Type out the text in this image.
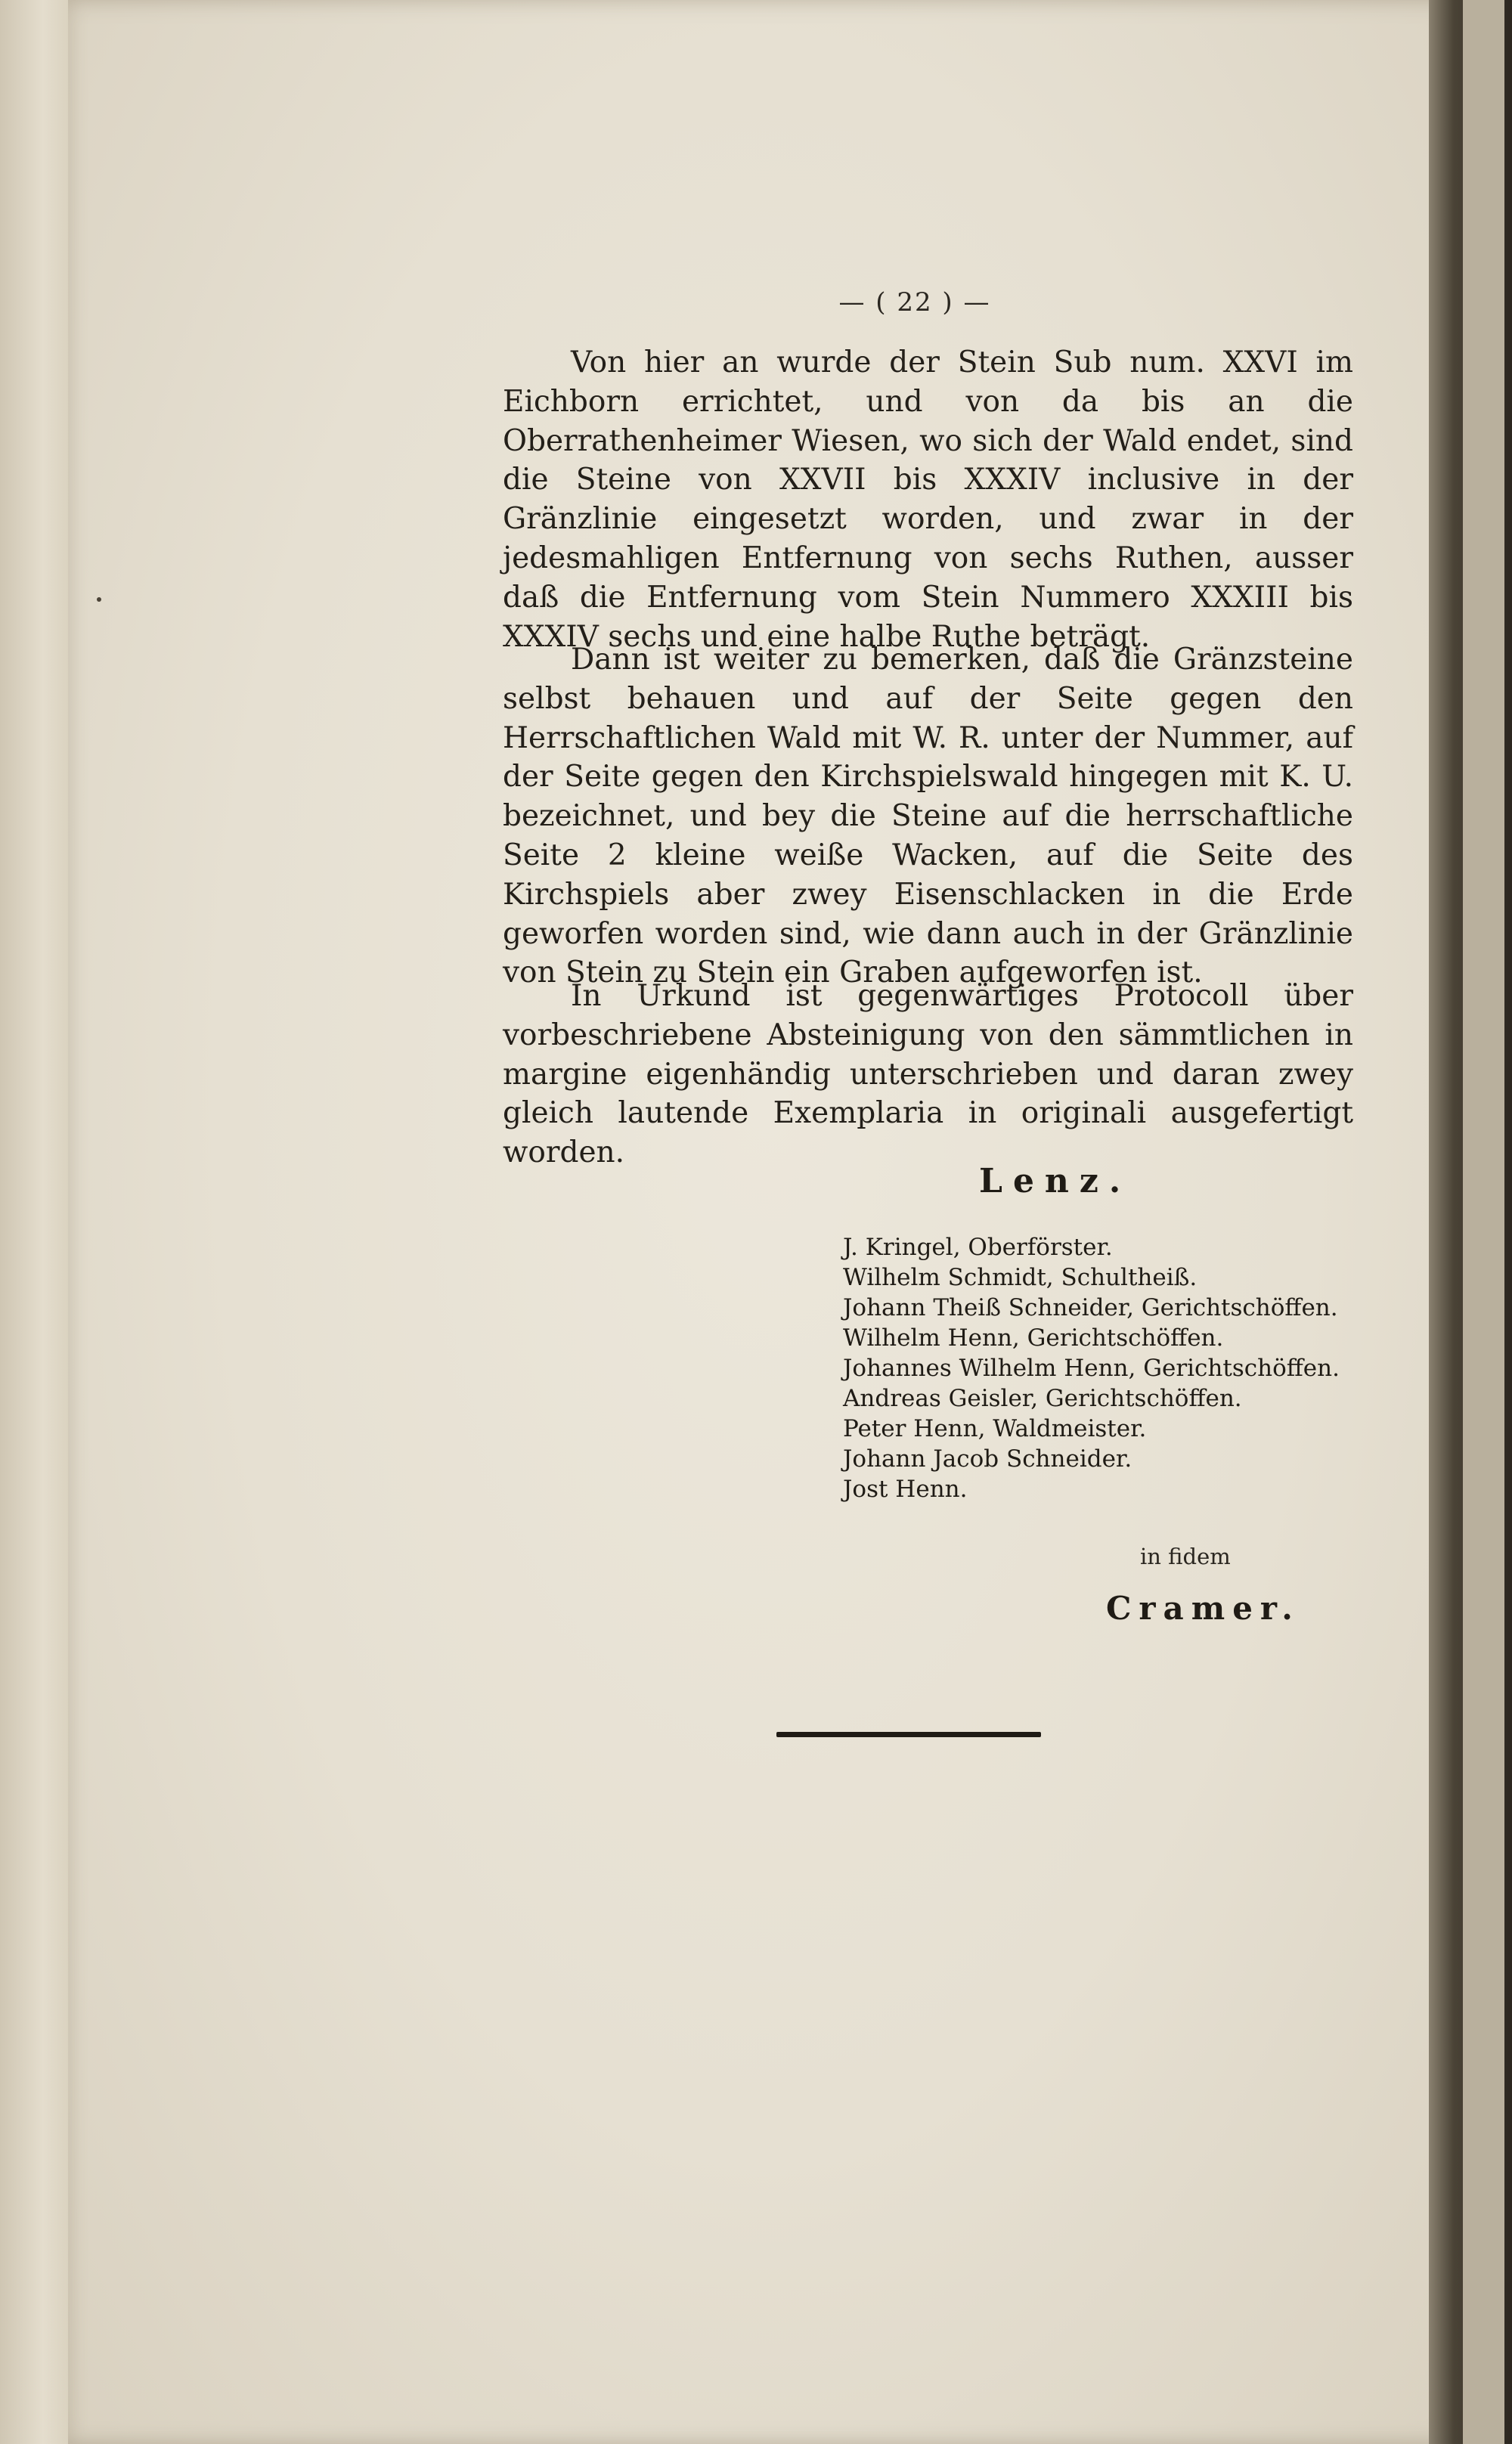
— ( 22 ) —

Von hier an wurde der Stein Sub num. XXVI im Eichborn errichtet, und von da bis an die Oberrathenheimer Wiesen, wo sich der Wald endet, sind die Steine von XXVII bis XXXIV inclusive in der Gränzlinie eingesetzt worden, und zwar in der jedesmahligen Entfernung von sechs Ruthen, ausser daß die Entfernung vom Stein Nummero XXXIII bis XXXIV sechs und eine halbe Ruthe beträgt.

Dann ist weiter zu bemerken, daß die Gränzsteine selbst behauen und auf der Seite gegen den Herrschaftlichen Wald mit W. R. unter der Nummer, auf der Seite gegen den Kirchspielswald hingegen mit K. U. bezeichnet, und bey die Steine auf die herrschaftliche Seite 2 kleine weiße Wacken, auf die Seite des Kirchspiels aber zwey Eisenschlacken in die Erde geworfen worden sind, wie dann auch in der Gränzlinie von Stein zu Stein ein Graben aufgeworfen ist.

In Urkund ist gegenwärtiges Protocoll über vorbeschriebene Absteinigung von den sämmtlichen in margine eigenhändig unterschrieben und daran zwey gleich lautende Exemplaria in originali ausgefertigt worden.

Lenz.
J. Kringel, Oberförster.
Wilhelm Schmidt, Schultheiß.
Johann Theiß Schneider, Gerichtschöffen.
Wilhelm Henn, Gerichtschöffen.
Johannes Wilhelm Henn, Gerichtschöffen.
Andreas Geisler, Gerichtschöffen.
Peter Henn, Waldmeister.
Johann Jacob Schneider.
Jost Henn.
in fidem
Cramer.
